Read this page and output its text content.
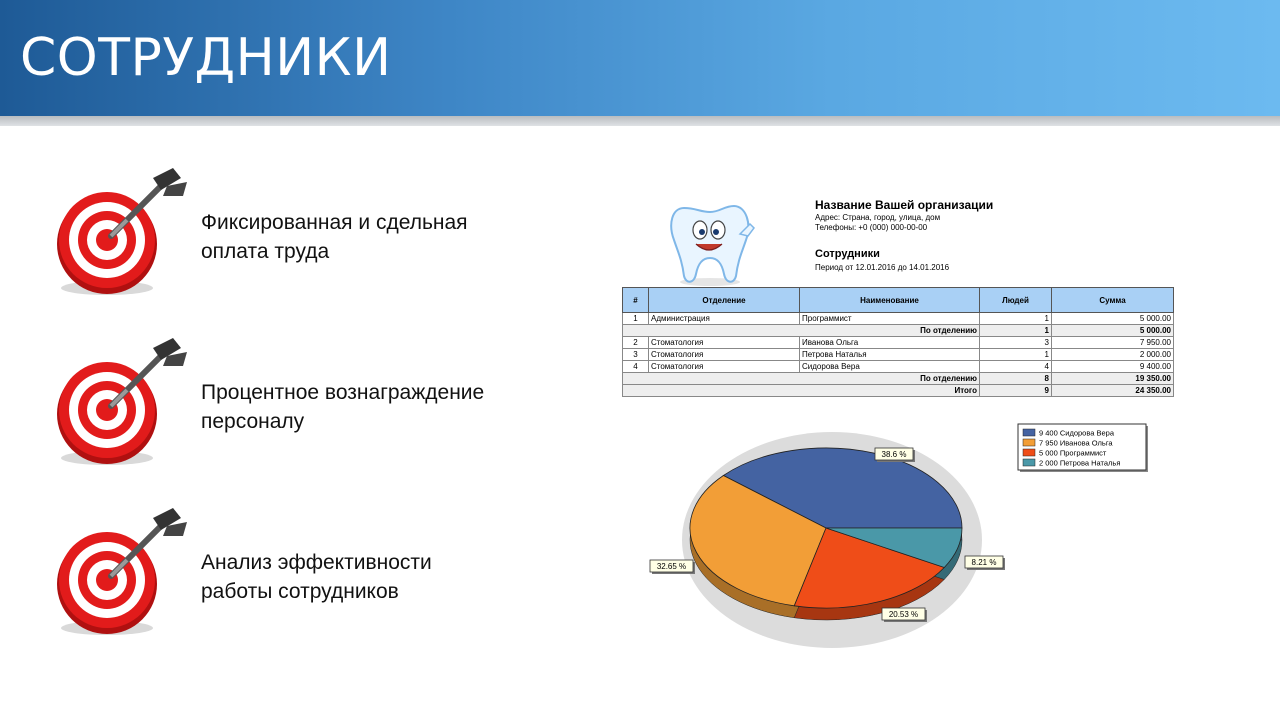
СОТРУДНИКИ
Фиксированная и сдельная
оплата труда
Процентное вознаграждение
персоналу
Анализ эффективности
работы сотрудников
Название Вашей организации
Адрес: Страна, город, улица, дом
Телефоны: +0 (000) 000-00-00
Сотрудники
Период от 12.01.2016 до 14.01.2016
#	Отделение	Наименование	Людей	Сумма
1	Администрация	Программист	1	5 000.00
По отделению			1	5 000.00
2	Стоматология	Иванова Ольга	3	7 950.00
3	Стоматология	Петрова Наталья	1	2 000.00
4	Стоматология	Сидорова Вера	4	9 400.00
По отделению			8	19 350.00
Итого			9	24 350.00
38.6 %
32.65 %
20.53 %
8.21 %
9 400 Сидорова Вера
7 950 Иванова Ольга
5 000 Программист
2 000 Петрова Наталья
